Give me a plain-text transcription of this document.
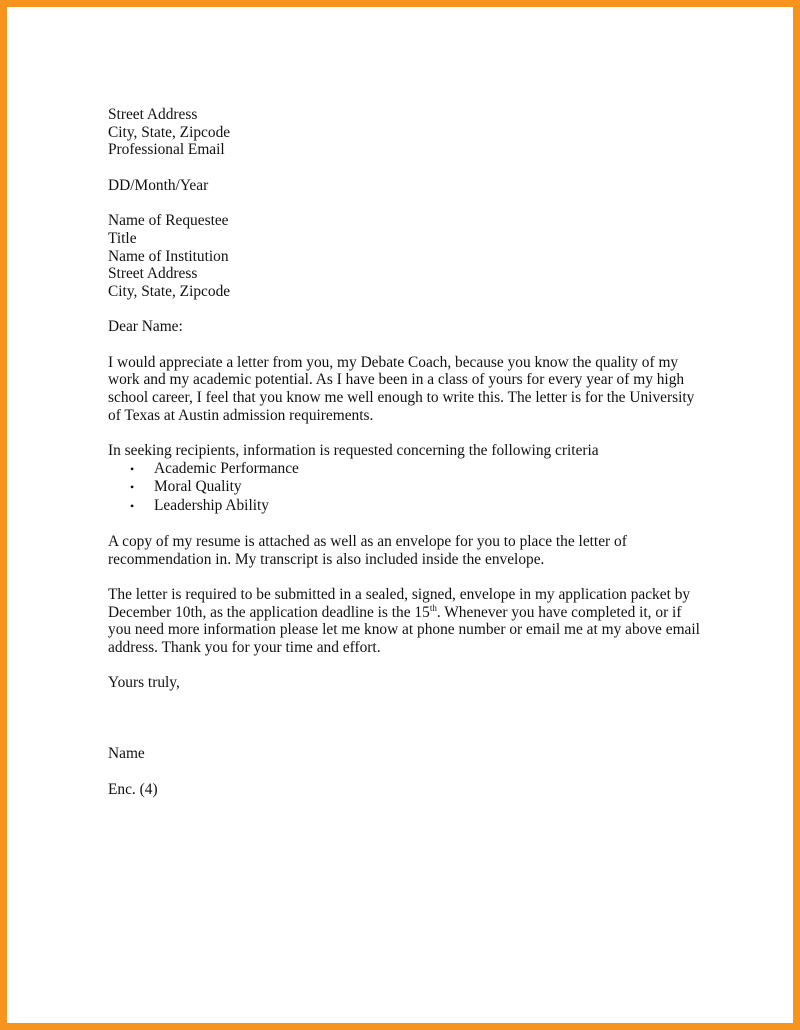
Street Address
City, State, Zipcode
Professional Email
DD/Month/Year
Name of Requestee
Title
Name of Institution
Street Address
City, State, Zipcode
Dear Name:
I would appreciate a letter from you, my Debate Coach, because you know the quality of my
work and my academic potential. As I have been in a class of yours for every year of my high
school career, I feel that you know me well enough to write this. The letter is for the University
of Texas at Austin admission requirements.
In seeking recipients, information is requested concerning the following criteria
• Academic Performance
• Moral Quality
• Leadership Ability
A copy of my resume is attached as well as an envelope for you to place the letter of
recommendation in. My transcript is also included inside the envelope.
The letter is required to be submitted in a sealed, signed, envelope in my application packet by
December 10th, as the application deadline is the 15th. Whenever you have completed it, or if
you need more information please let me know at phone number or email me at my above email
address. Thank you for your time and effort.
Yours truly,
Name
Enc. (4)
